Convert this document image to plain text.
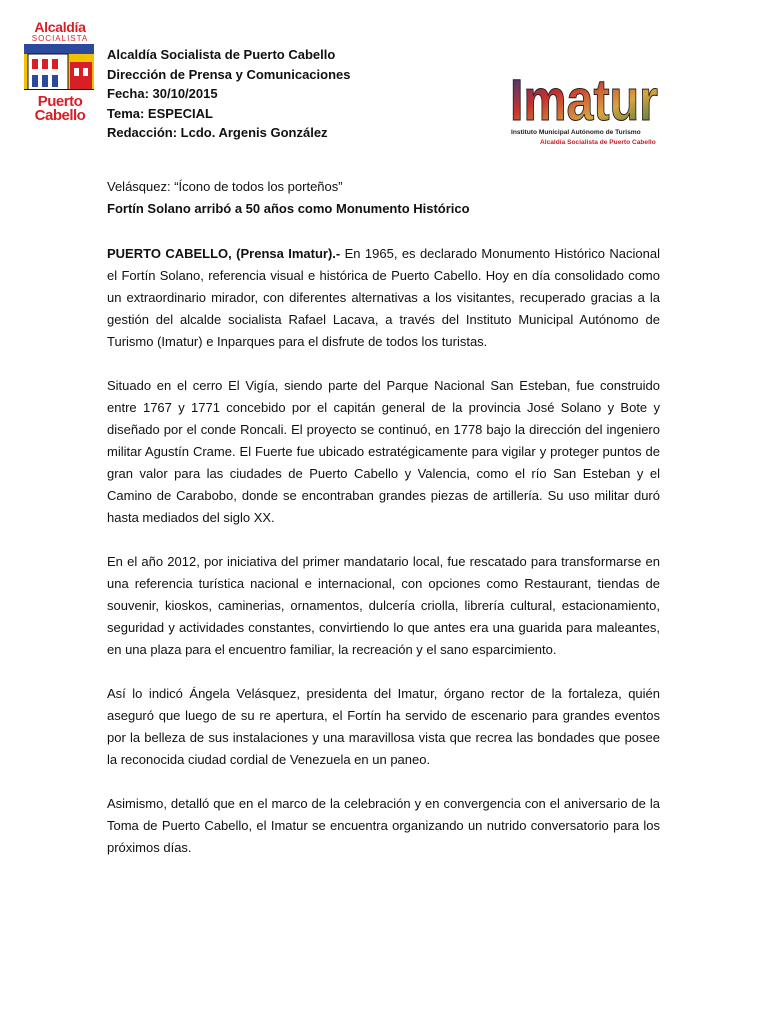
Alcaldía
SOCIALISTA
Puerto
Cabello
Alcaldía Socialista de Puerto Cabello
Dirección de Prensa y Comunicaciones
Fecha: 30/10/2015
Tema: ESPECIAL
Redacción: Lcdo. Argenis González	Imatur
Instituto Municipal Autónomo de Turismo
Alcaldía Socialista de Puerto Cabello
Velásquez: “Ícono de todos los porteños”
Fortín Solano arribó a 50 años como Monumento Histórico

PUERTO CABELLO, (Prensa Imatur).- En 1965, es declarado Monumento Histórico Nacional el Fortín Solano, referencia visual e histórica de Puerto Cabello. Hoy en día consolidado como un extraordinario mirador, con diferentes alternativas a los visitantes, recuperado gracias a la gestión del alcalde socialista Rafael Lacava, a través del Instituto Municipal Autónomo de Turismo (Imatur) e Inparques para el disfrute de todos los turistas.

Situado en el cerro El Vigía, siendo parte del Parque Nacional San Esteban, fue construido entre 1767 y 1771 concebido por el capitán general de la provincia José Solano y Bote y diseñado por el conde Roncali. El proyecto se continuó, en 1778 bajo la dirección del ingeniero militar Agustín Crame. El Fuerte fue ubicado estratégicamente para vigilar y proteger puntos de gran valor para las ciudades de Puerto Cabello y Valencia, como el río San Esteban y el Camino de Carabobo, donde se encontraban grandes piezas de artillería. Su uso militar duró hasta mediados del siglo XX.

En el año 2012, por iniciativa del primer mandatario local, fue rescatado para transformarse en una referencia turística nacional e internacional, con opciones como Restaurant, tiendas de souvenir, kioskos, caminerias, ornamentos, dulcería criolla, librería cultural, estacionamiento, seguridad y actividades constantes, convirtiendo lo que antes era una guarida para maleantes, en una plaza para el encuentro familiar, la recreación y el sano esparcimiento.

Así lo indicó Ángela Velásquez, presidenta del Imatur, órgano rector de la fortaleza, quién aseguró que luego de su re apertura, el Fortín ha servido de escenario para grandes eventos por la belleza de sus instalaciones y una maravillosa vista que recrea las bondades que posee la reconocida ciudad cordial de Venezuela en un paneo.

Asimismo, detalló que en el marco de la celebración y en convergencia con el aniversario de la Toma de Puerto Cabello, el Imatur se encuentra organizando un nutrido conversatorio para los próximos días.
